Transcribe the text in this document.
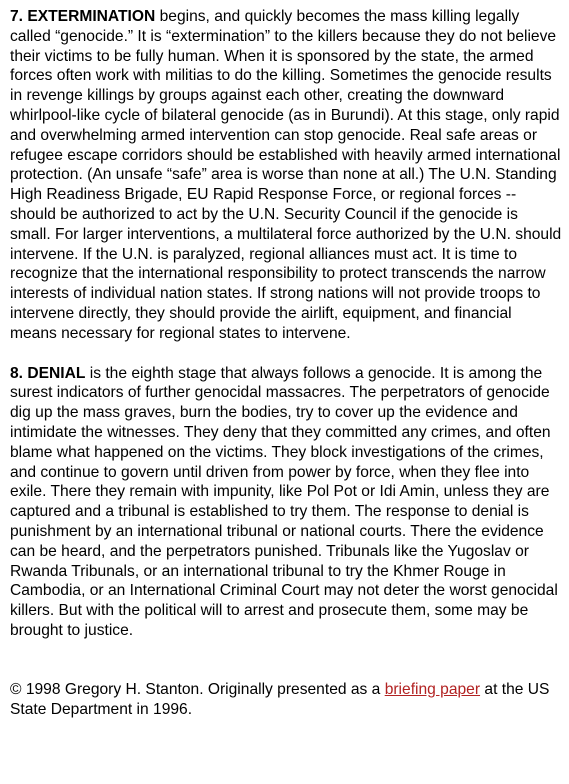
7. EXTERMINATION begins, and quickly becomes the mass killing legally called “genocide.” It is “extermination” to the killers because they do not believe their victims to be fully human. When it is sponsored by the state, the armed forces often work with militias to do the killing. Sometimes the genocide results in revenge killings by groups against each other, creating the downward whirlpool-like cycle of bilateral genocide (as in Burundi). At this stage, only rapid and overwhelming armed intervention can stop genocide. Real safe areas or refugee escape corridors should be established with heavily armed international protection. (An unsafe “safe” area is worse than none at all.) The U.N. Standing High Readiness Brigade, EU Rapid Response Force, or regional forces -- should be authorized to act by the U.N. Security Council if the genocide is small. For larger interventions, a multilateral force authorized by the U.N. should intervene. If the U.N. is paralyzed, regional alliances must act. It is time to recognize that the international responsibility to protect transcends the narrow interests of individual nation states. If strong nations will not provide troops to intervene directly, they should provide the airlift, equipment, and financial means necessary for regional states to intervene.

8. DENIAL is the eighth stage that always follows a genocide. It is among the surest indicators of further genocidal massacres. The perpetrators of genocide dig up the mass graves, burn the bodies, try to cover up the evidence and intimidate the witnesses. They deny that they committed any crimes, and often blame what happened on the victims. They block investigations of the crimes, and continue to govern until driven from power by force, when they flee into exile. There they remain with impunity, like Pol Pot or Idi Amin, unless they are captured and a tribunal is established to try them. The response to denial is punishment by an international tribunal or national courts. There the evidence can be heard, and the perpetrators punished. Tribunals like the Yugoslav or Rwanda Tribunals, or an international tribunal to try the Khmer Rouge in Cambodia, or an International Criminal Court may not deter the worst genocidal killers. But with the political will to arrest and prosecute them, some may be brought to justice.

© 1998 Gregory H. Stanton. Originally presented as a briefing paper at the US State Department in 1996.
